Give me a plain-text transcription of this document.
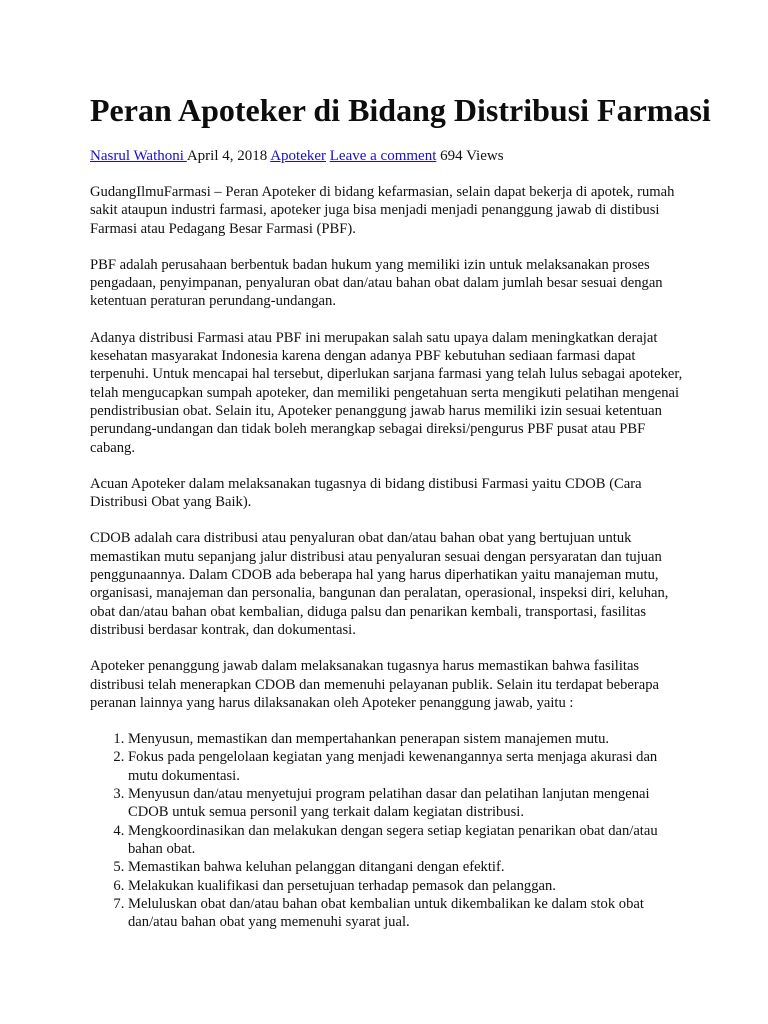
Peran Apoteker di Bidang Distribusi Farmasi
Nasrul Wathoni April 4, 2018 Apoteker Leave a comment 694 Views

GudangIlmuFarmasi – Peran Apoteker di bidang kefarmasian, selain dapat bekerja di apotek, rumah sakit ataupun industri farmasi, apoteker juga bisa menjadi menjadi penanggung jawab di distibusi Farmasi atau Pedagang Besar Farmasi (PBF).

PBF adalah perusahaan berbentuk badan hukum yang memiliki izin untuk melaksanakan proses pengadaan, penyimpanan, penyaluran obat dan/atau bahan obat dalam jumlah besar sesuai dengan ketentuan peraturan perundang-undangan.

Adanya distribusi Farmasi atau PBF ini merupakan salah satu upaya dalam meningkatkan derajat kesehatan masyarakat Indonesia karena dengan adanya PBF kebutuhan sediaan farmasi dapat terpenuhi. Untuk mencapai hal tersebut, diperlukan sarjana farmasi yang telah lulus sebagai apoteker, telah mengucapkan sumpah apoteker, dan memiliki pengetahuan serta mengikuti pelatihan mengenai pendistribusian obat. Selain itu, Apoteker penanggung jawab harus memiliki izin sesuai ketentuan perundang-undangan dan tidak boleh merangkap sebagai direksi/pengurus PBF pusat atau PBF cabang.

Acuan Apoteker dalam melaksanakan tugasnya di bidang distibusi Farmasi yaitu CDOB (Cara Distribusi Obat yang Baik).

CDOB adalah cara distribusi atau penyaluran obat dan/atau bahan obat yang bertujuan untuk memastikan mutu sepanjang jalur distribusi atau penyaluran sesuai dengan persyaratan dan tujuan penggunaannya. Dalam CDOB ada beberapa hal yang harus diperhatikan yaitu manajeman mutu, organisasi, manajeman dan personalia, bangunan dan peralatan, operasional, inspeksi diri, keluhan, obat dan/atau bahan obat kembalian, diduga palsu dan penarikan kembali, transportasi, fasilitas distribusi berdasar kontrak, dan dokumentasi.

Apoteker penanggung jawab dalam melaksanakan tugasnya harus memastikan bahwa fasilitas distribusi telah menerapkan CDOB dan memenuhi pelayanan publik. Selain itu terdapat beberapa peranan lainnya yang harus dilaksanakan oleh Apoteker penanggung jawab, yaitu :

1. Menyusun, memastikan dan mempertahankan penerapan sistem manajemen mutu.
2. Fokus pada pengelolaan kegiatan yang menjadi kewenangannya serta menjaga akurasi dan mutu dokumentasi.
3. Menyusun dan/atau menyetujui program pelatihan dasar dan pelatihan lanjutan mengenai CDOB untuk semua personil yang terkait dalam kegiatan distribusi.
4. Mengkoordinasikan dan melakukan dengan segera setiap kegiatan penarikan obat dan/atau bahan obat.
5. Memastikan bahwa keluhan pelanggan ditangani dengan efektif.
6. Melakukan kualifikasi dan persetujuan terhadap pemasok dan pelanggan.
7. Meluluskan obat dan/atau bahan obat kembalian untuk dikembalikan ke dalam stok obat dan/atau bahan obat yang memenuhi syarat jual.
